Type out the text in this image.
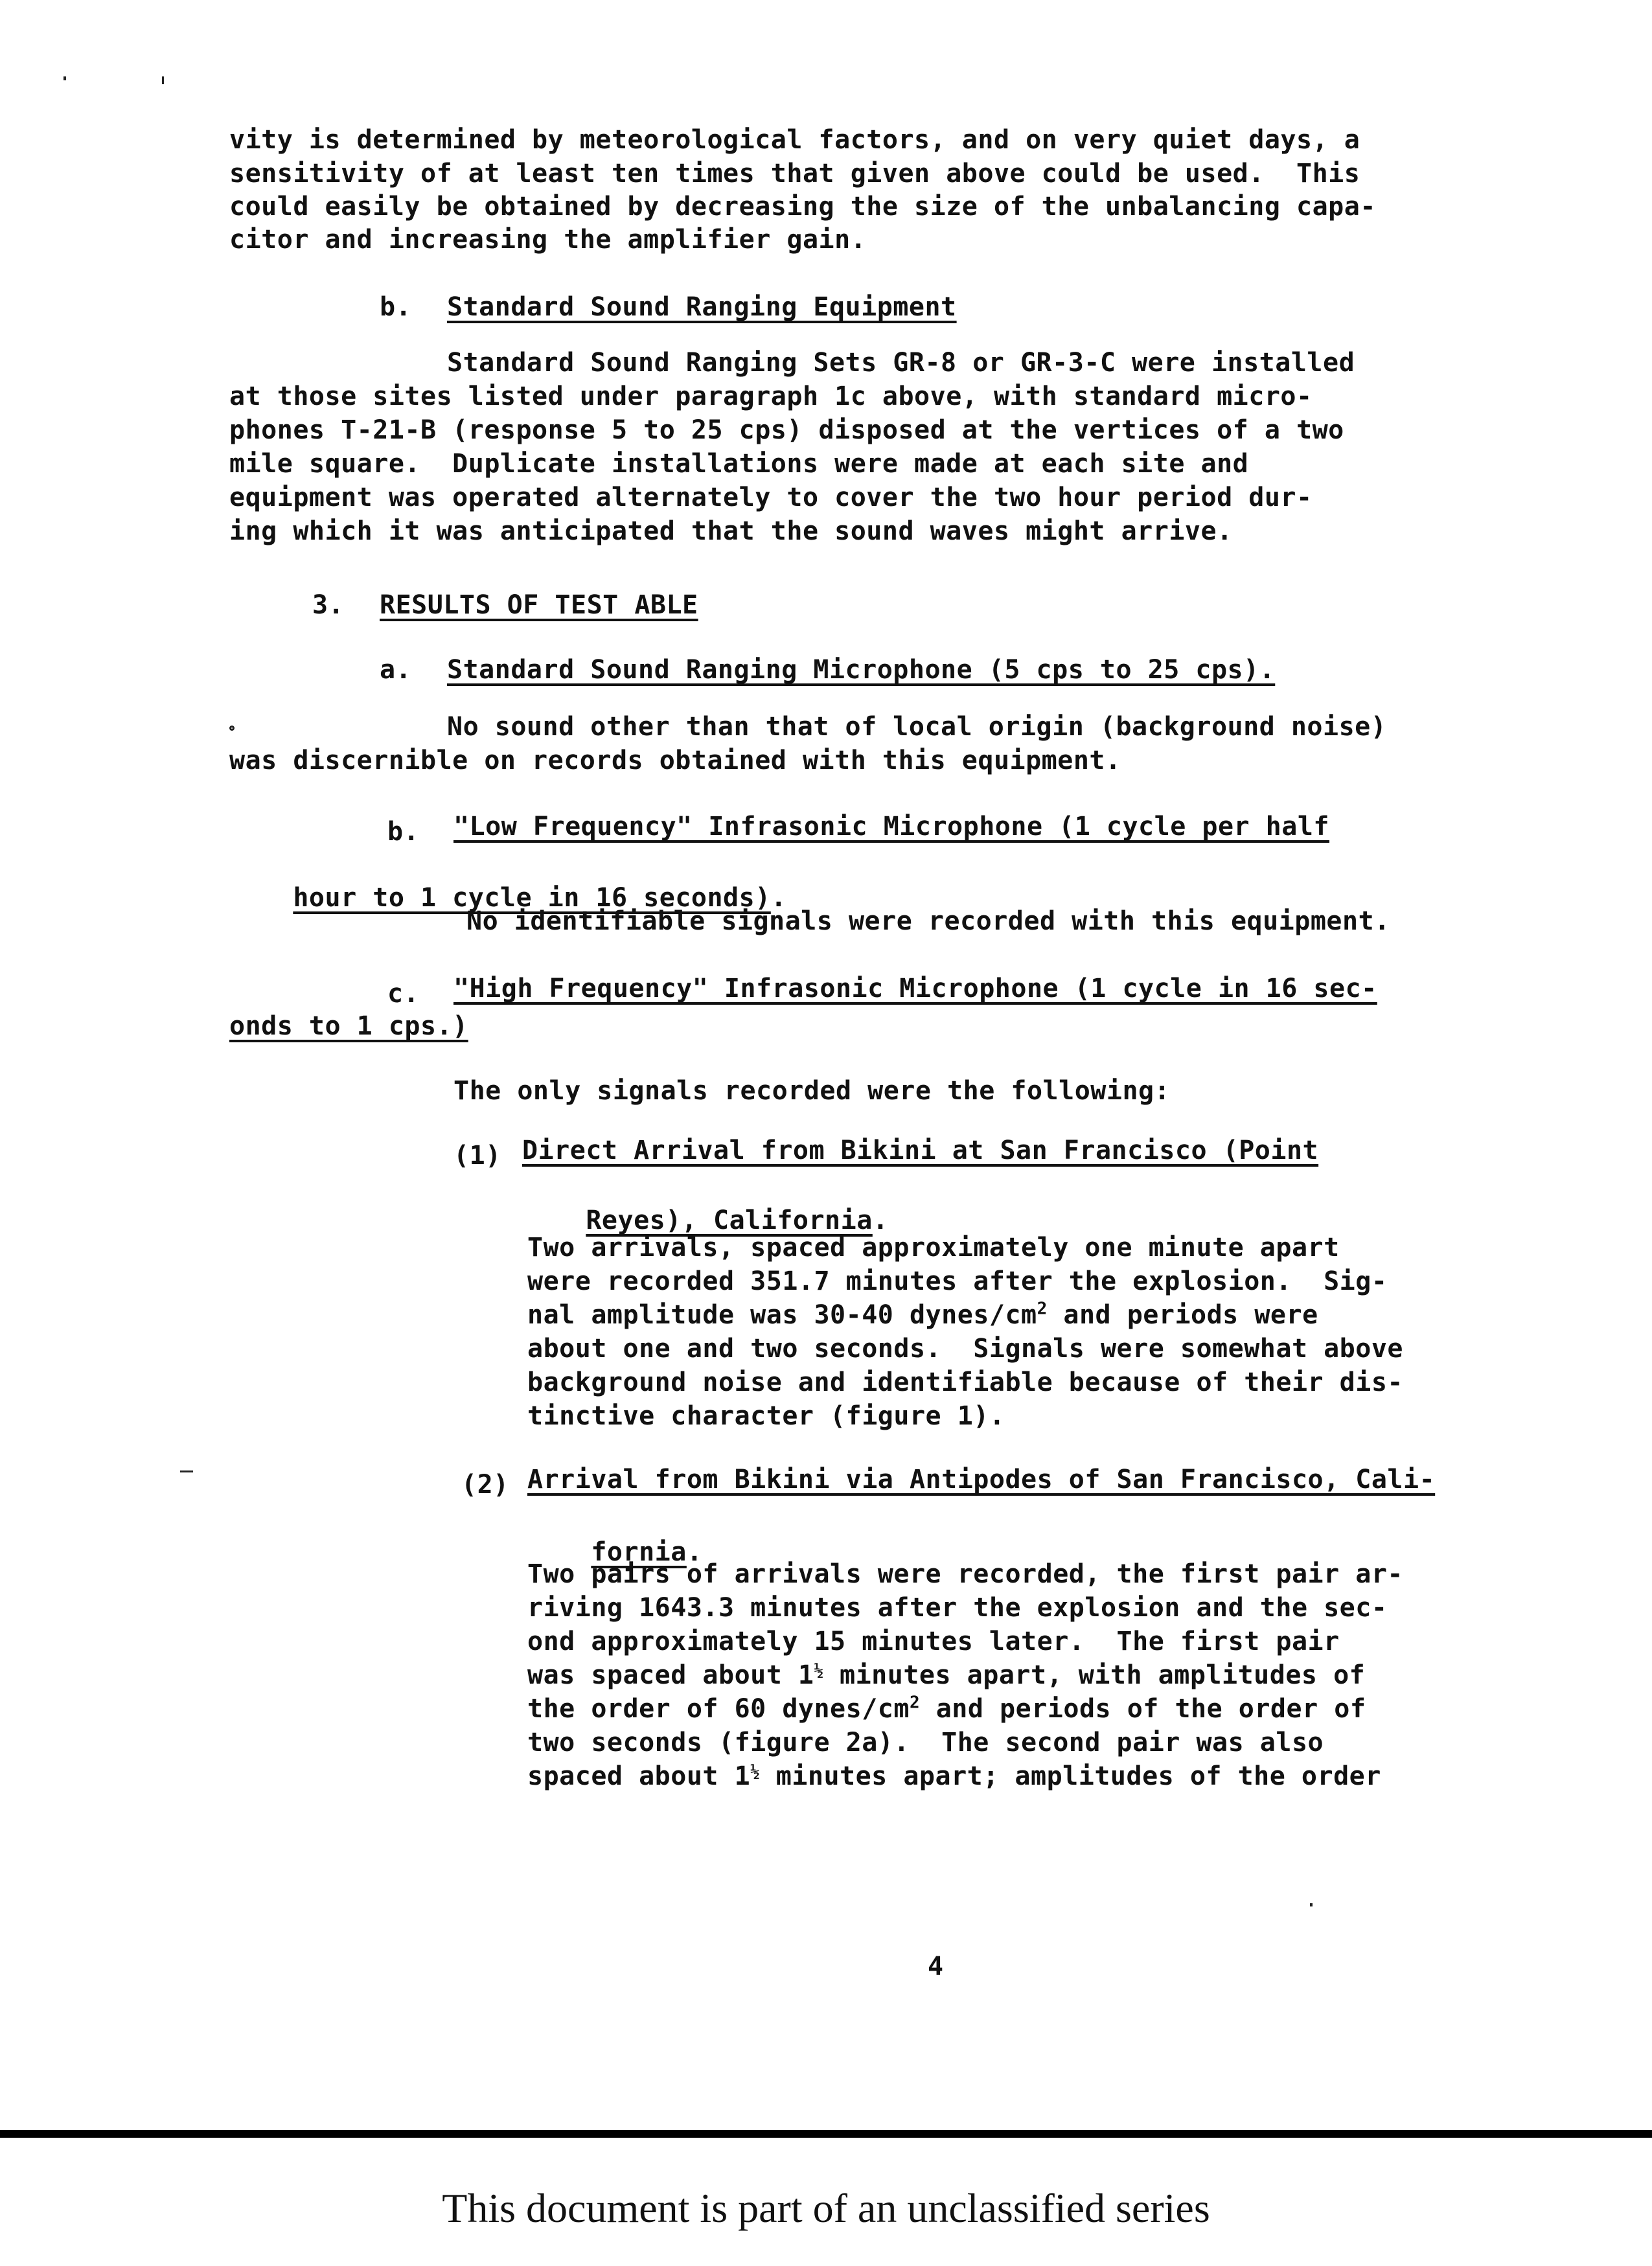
vity is determined by meteorological factors, and on very quiet days, a
sensitivity of at least ten times that given above could be used.  This
could easily be obtained by decreasing the size of the unbalancing capa-
citor and increasing the amplifier gain.
b. Standard Sound Ranging Equipment
Standard Sound Ranging Sets GR-8 or GR-3-C were installed
at those sites listed under paragraph 1c above, with standard micro-
phones T-21-B (response 5 to 25 cps) disposed at the vertices of a two
mile square.  Duplicate installations were made at each site and
equipment was operated alternately to cover the two hour period dur-
ing which it was anticipated that the sound waves might arrive.
3. RESULTS OF TEST ABLE
a. Standard Sound Ranging Microphone (5 cps to 25 cps).
No sound other than that of local origin (background noise)
was discernible on records obtained with this equipment.
b. "Low Frequency" Infrasonic Microphone (1 cycle per half

hour to 1 cycle in 16 seconds).

No identifiable signals were recorded with this equipment.
c. "High Frequency" Infrasonic Microphone (1 cycle in 16 sec-
onds to 1 cps.)
The only signals recorded were the following:
(1) Direct Arrival from Bikini at San Francisco (Point

Reyes), California.

Two arrivals, spaced approximately one minute apart
were recorded 351.7 minutes after the explosion.  Sig-
nal amplitude was 30-40 dynes/$cm^2$ and periods were
about one and two seconds.  Signals were somewhat above
background noise and identifiable because of their dis-
tinctive character (figure 1).
(2) Arrival from Bikini via Antipodes of San Francisco, Cali-

fornia.

Two pairs of arrivals were recorded, the first pair ar-
riving 1643.3 minutes after the explosion and the sec-
ond approximately 15 minutes later.  The first pair
was spaced about $1^{\frac{1}{2}}$ minutes apart, with amplitudes of
the order of 60 dynes/$cm^2$ and periods of the order of
two seconds (figure 2a).  The second pair was also
spaced about $1^{\frac{1}{2}}$ minutes apart; amplitudes of the order
4
This document is part of an unclassified series
